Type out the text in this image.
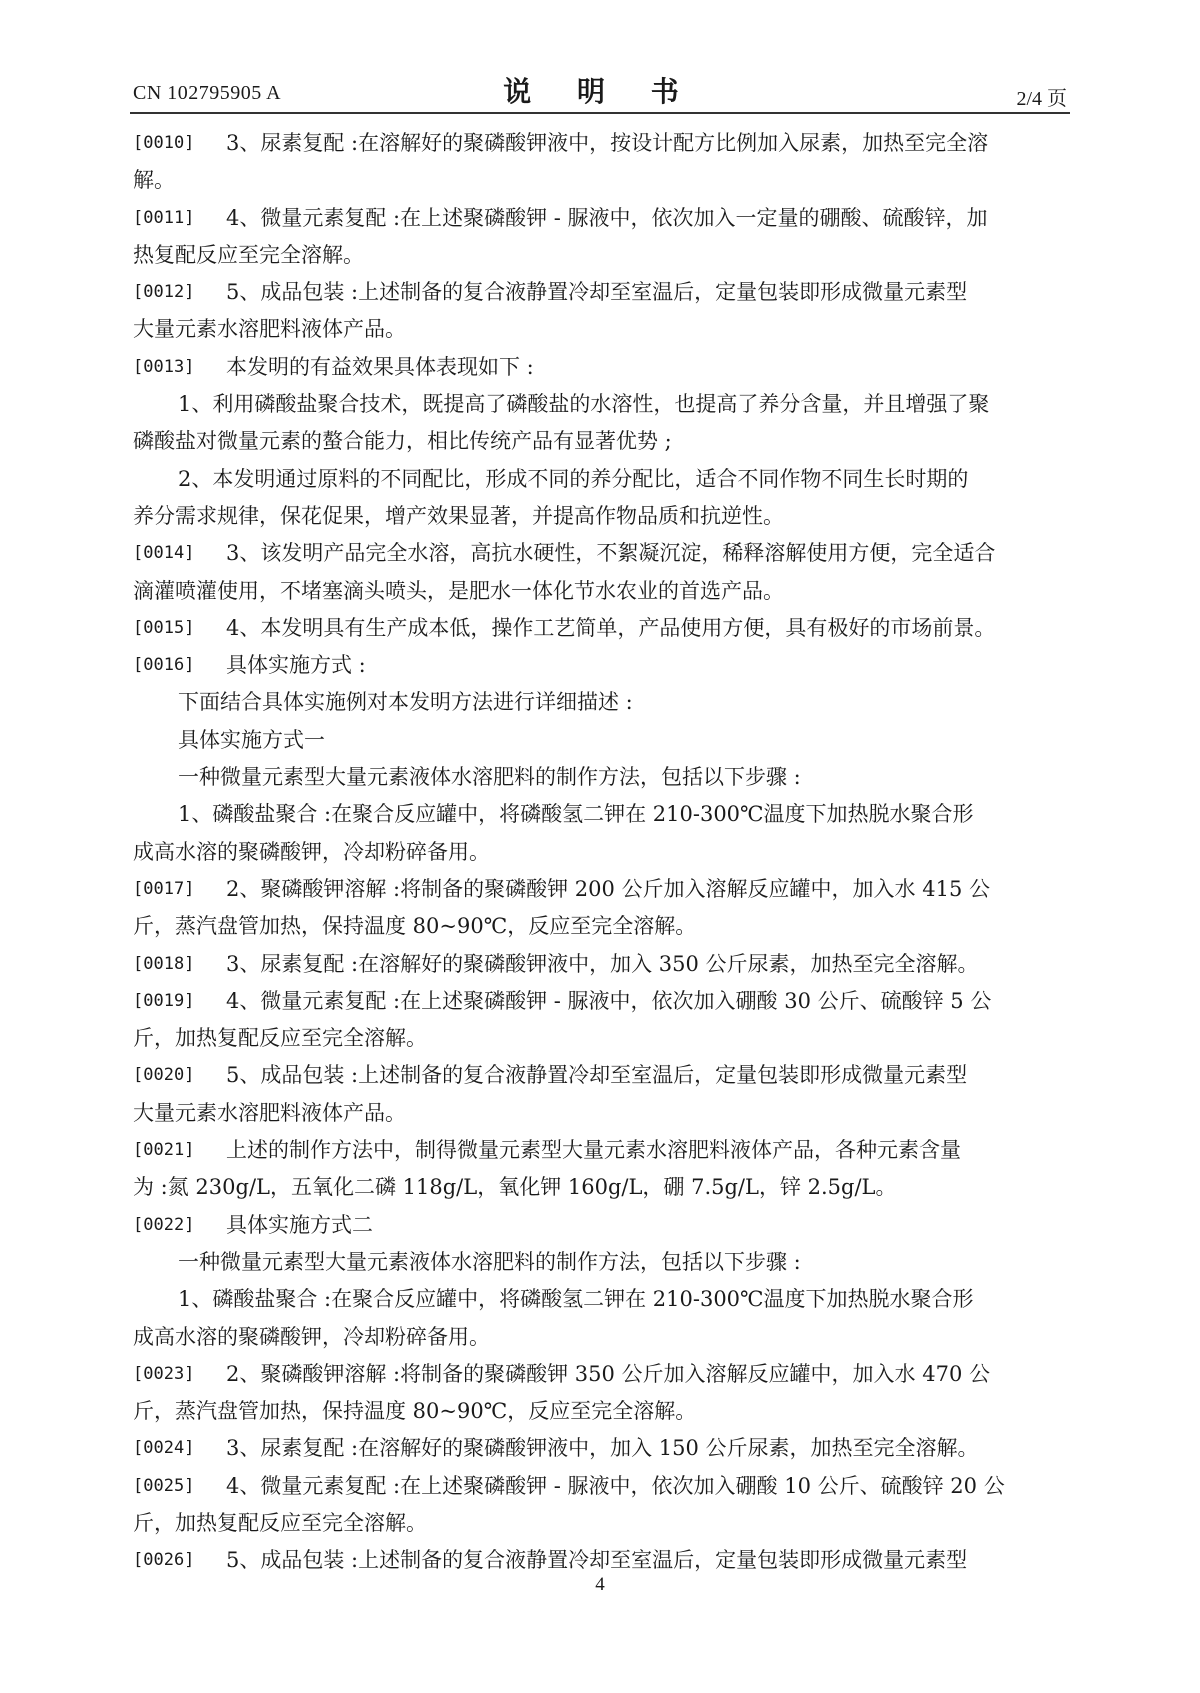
CN 102795905 A	说 明 书	2/4 页
[0010] 3、尿素复配 :在溶解好的聚磷酸钾液中，按设计配方比例加入尿素，加热至完全溶
解。
[0011] 4、微量元素复配 :在上述聚磷酸钾 - 脲液中，依次加入一定量的硼酸、硫酸锌，加
热复配反应至完全溶解。
[0012] 5、成品包装 :上述制备的复合液静置冷却至室温后，定量包装即形成微量元素型
大量元素水溶肥料液体产品。
[0013] 本发明的有益效果具体表现如下 :
1、利用磷酸盐聚合技术，既提高了磷酸盐的水溶性，也提高了养分含量，并且增强了聚
磷酸盐对微量元素的螯合能力，相比传统产品有显著优势 ;
2、本发明通过原料的不同配比，形成不同的养分配比，适合不同作物不同生长时期的
养分需求规律，保花促果，增产效果显著，并提高作物品质和抗逆性。
[0014] 3、该发明产品完全水溶，高抗水硬性，不絮凝沉淀，稀释溶解使用方便，完全适合
滴灌喷灌使用，不堵塞滴头喷头，是肥水一体化节水农业的首选产品。
[0015] 4、本发明具有生产成本低，操作工艺简单，产品使用方便，具有极好的市场前景。
[0016] 具体实施方式 :
下面结合具体实施例对本发明方法进行详细描述 :
具体实施方式一
一种微量元素型大量元素液体水溶肥料的制作方法，包括以下步骤 :
1、磷酸盐聚合 :在聚合反应罐中，将磷酸氢二钾在 210-300℃温度下加热脱水聚合形
成高水溶的聚磷酸钾，冷却粉碎备用。
[0017] 2、聚磷酸钾溶解 :将制备的聚磷酸钾 200 公斤加入溶解反应罐中，加入水 415 公
斤，蒸汽盘管加热，保持温度 80~90℃，反应至完全溶解。
[0018] 3、尿素复配 :在溶解好的聚磷酸钾液中，加入 350 公斤尿素，加热至完全溶解。
[0019] 4、微量元素复配 :在上述聚磷酸钾 - 脲液中，依次加入硼酸 30 公斤、硫酸锌 5 公
斤，加热复配反应至完全溶解。
[0020] 5、成品包装 :上述制备的复合液静置冷却至室温后，定量包装即形成微量元素型
大量元素水溶肥料液体产品。
[0021] 上述的制作方法中，制得微量元素型大量元素水溶肥料液体产品，各种元素含量
为 :氮 230g/L，五氧化二磷 118g/L，氧化钾 160g/L，硼 7.5g/L，锌 2.5g/L。
[0022] 具体实施方式二
一种微量元素型大量元素液体水溶肥料的制作方法，包括以下步骤 :
1、磷酸盐聚合 :在聚合反应罐中，将磷酸氢二钾在 210-300℃温度下加热脱水聚合形
成高水溶的聚磷酸钾，冷却粉碎备用。
[0023] 2、聚磷酸钾溶解 :将制备的聚磷酸钾 350 公斤加入溶解反应罐中，加入水 470 公
斤，蒸汽盘管加热，保持温度 80~90℃，反应至完全溶解。
[0024] 3、尿素复配 :在溶解好的聚磷酸钾液中，加入 150 公斤尿素，加热至完全溶解。
[0025] 4、微量元素复配 :在上述聚磷酸钾 - 脲液中，依次加入硼酸 10 公斤、硫酸锌 20 公
斤，加热复配反应至完全溶解。
[0026] 5、成品包装 :上述制备的复合液静置冷却至室温后，定量包装即形成微量元素型
4
